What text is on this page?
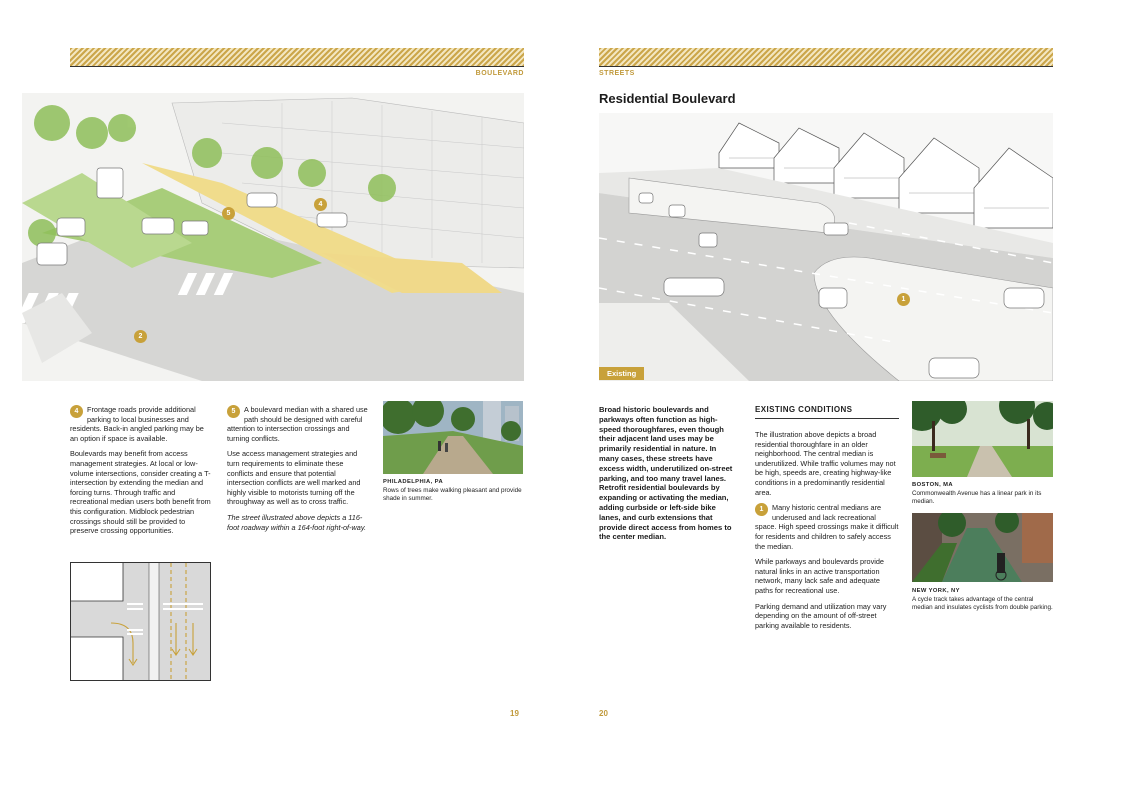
BOULEVARD
2
4
5

4	Frontage roads provide additional parking to local businesses and residents. Back-in angled parking may be an option if space is available.

Boulevards may benefit from access management strategies. At local or low-volume intersections, consider creating a T-intersection by extending the median and forcing turns. Through traffic and recreational median users both benefit from this configuration. Midblock pedestrian crossings should still be provided to preserve crossing opportunities.

5	A boulevard median with a shared use path should be designed with careful attention to intersection crossings and turning conflicts.

Use access management strategies and turn requirements to eliminate these conflicts and ensure that potential intersection conflicts are well marked and highly visible to motorists turning off the throughway as well as to cross traffic.

The street illustrated above depicts a 116-foot roadway within a 164-foot right-of-way.

PHILADELPHIA, PA
Rows of trees make walking pleasant and provide shade in summer.
19
STREETS
Residential Boulevard
1
Existing
Broad historic boulevards and parkways often function as high-speed thoroughfares, even though their adjacent land uses may be primarily residential in nature. In many cases, these streets have excess width, underutilized on-street parking, and too many travel lanes. Retrofit residential boulevards by expanding or activating the median, adding curbside or left-side bike lanes, and curb extensions that provide direct access from homes to the center median.
EXISTING CONDITIONS

The illustration above depicts a broad residential thoroughfare in an older neighborhood. The central median is underutilized. While traffic volumes may not be high, speeds are, creating highway-like conditions in a predominantly residential area.

1	Many historic central medians are underused and lack recreational space. High speed crossings make it difficult for residents and children to safely access the median.

While parkways and boulevards provide natural links in an active transportation network, many lack safe and adequate paths for recreational use.

Parking demand and utilization may vary depending on the amount of off-street parking available to residents.

BOSTON, MA
Commonwealth Avenue has a linear park in its median.
NEW YORK, NY
A cycle track takes advantage of the central median and insulates cyclists from double parking.
20
